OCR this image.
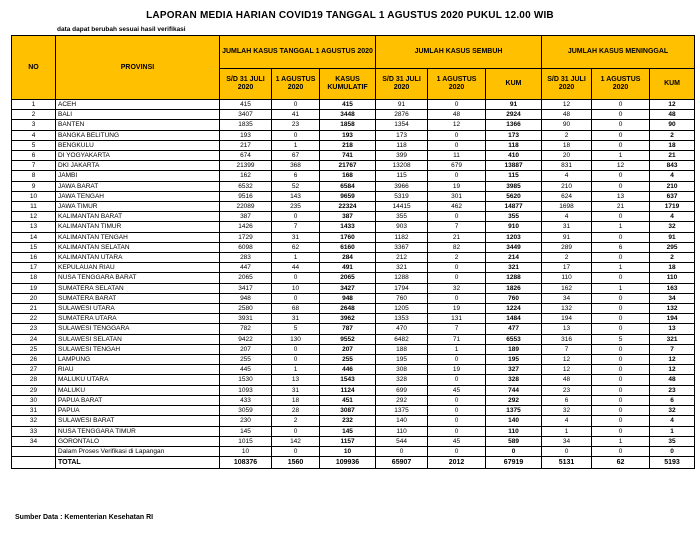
LAPORAN MEDIA HARIAN COVID19 TANGGAL 1 AGUSTUS 2020 PUKUL 12.00 WIB
data dapat berubah sesuai hasil verifikasi
NO	PROVINSI	JUMLAH KASUS TANGGAL 1 AGUSTUS 2020			JUMLAH KASUS SEMBUH			JUMLAH KASUS MENINGGAL		
		S/D 31 JULI 2020	1 AGUSTUS 2020	KASUS KUMULATIF	S/D 31 JULI 2020	1 AGUSTUS 2020	KUM	S/D 31 JULI 2020	1 AGUSTUS 2020	KUM
1	ACEH	415	0	415	91	0	91	12	0	12
2	BALI	3407	41	3448	2876	48	2924	48	0	48
3	BANTEN	1835	23	1858	1354	12	1366	90	0	90
4	BANGKA BELITUNG	193	0	193	173	0	173	2	0	2
5	BENGKULU	217	1	218	118	0	118	18	0	18
6	DI YOGYAKARTA	674	67	741	399	11	410	20	1	21
7	DKI JAKARTA	21399	368	21767	13208	679	13887	831	12	843
8	JAMBI	162	6	168	115	0	115	4	0	4
9	JAWA BARAT	6532	52	6584	3966	19	3985	210	0	210
10	JAWA TENGAH	9516	143	9659	5319	301	5620	624	13	637
11	JAWA TIMUR	22089	235	22324	14415	462	14877	1698	21	1719
12	KALIMANTAN BARAT	387	0	387	355	0	355	4	0	4
13	KALIMANTAN TIMUR	1426	7	1433	903	7	910	31	1	32
14	KALIMANTAN TENGAH	1729	31	1760	1182	21	1203	91	0	91
15	KALIMANTAN SELATAN	6098	62	6160	3367	82	3449	289	6	295
16	KALIMANTAN UTARA	283	1	284	212	2	214	2	0	2
17	KEPULAUAN RIAU	447	44	491	321	0	321	17	1	18
18	NUSA TENGGARA BARAT	2065	0	2065	1288	0	1288	110	0	110
19	SUMATERA SELATAN	3417	10	3427	1794	32	1826	162	1	163
20	SUMATERA BARAT	948	0	948	760	0	760	34	0	34
21	SULAWESI UTARA	2580	68	2648	1205	19	1224	132	0	132
22	SUMATERA UTARA	3931	31	3962	1353	131	1484	194	0	194
23	SULAWESI TENGGARA	782	5	787	470	7	477	13	0	13
24	SULAWESI SELATAN	9422	130	9552	6482	71	6553	316	5	321
25	SULAWESI TENGAH	207	0	207	188	1	189	7	0	7
26	LAMPUNG	255	0	255	195	0	195	12	0	12
27	RIAU	445	1	446	308	19	327	12	0	12
28	MALUKU UTARA	1530	13	1543	328	0	328	48	0	48
29	MALUKU	1093	31	1124	699	45	744	23	0	23
30	PAPUA BARAT	433	18	451	292	0	292	6	0	6
31	PAPUA	3059	28	3087	1375	0	1375	32	0	32
32	SULAWESI BARAT	230	2	232	140	0	140	4	0	4
33	NUSA TENGGARA TIMUR	145	0	145	110	0	110	1	0	1
34	GORONTALO	1015	142	1157	544	45	589	34	1	35
	Dalam Proses Verifikasi di Lapangan	10	0	10	0	0	0	0	0	0
	TOTAL	108376	1560	109936	65907	2012	67919	5131	62	5193
Sumber Data : Kementerian Kesehatan RI
